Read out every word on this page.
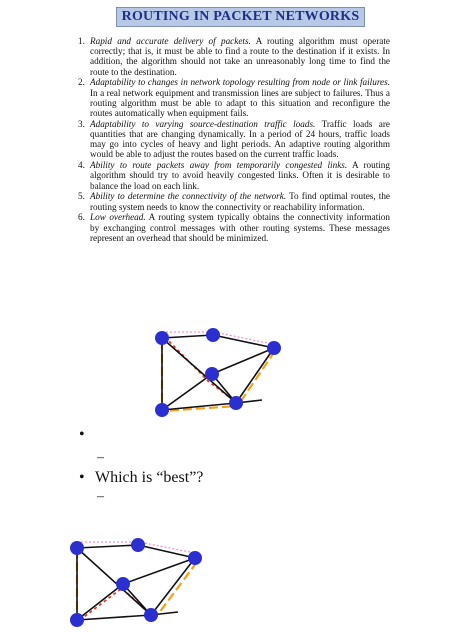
ROUTING IN PACKET NETWORKS
1. Rapid and accurate delivery of packets. A routing algorithm must operate correctly; that is, it must be able to find a route to the destination if it exists. In addition, the algorithm should not take an unreasonably long time to find the route to the destination.
2. Adaptability to changes in network topology resulting from node or link failures. In a real network equipment and transmission lines are subject to failures. Thus a routing algorithm must be able to adapt to this situation and reconfigure the routes automatically when equipment fails.
3. Adaptability to varying source-destination traffic loads. Traffic loads are quantities that are changing dynamically. In a period of 24 hours, traffic loads may go into cycles of heavy and light periods. An adaptive routing algorithm would be able to adjust the routes based on the current traffic loads.
4. Ability to route packets away from temporarily congested links. A routing algorithm should try to avoid heavily congested links. Often it is desirable to balance the load on each link.
5. Ability to determine the connectivity of the network. To find optimal routes, the routing system needs to know the connectivity or reachability information.
6. Low overhead. A routing system typically obtains the connectivity information by exchanging control messages with other routing systems. These messages represent an overhead that should be minimized.
•
–
• Which is “best”?
–
